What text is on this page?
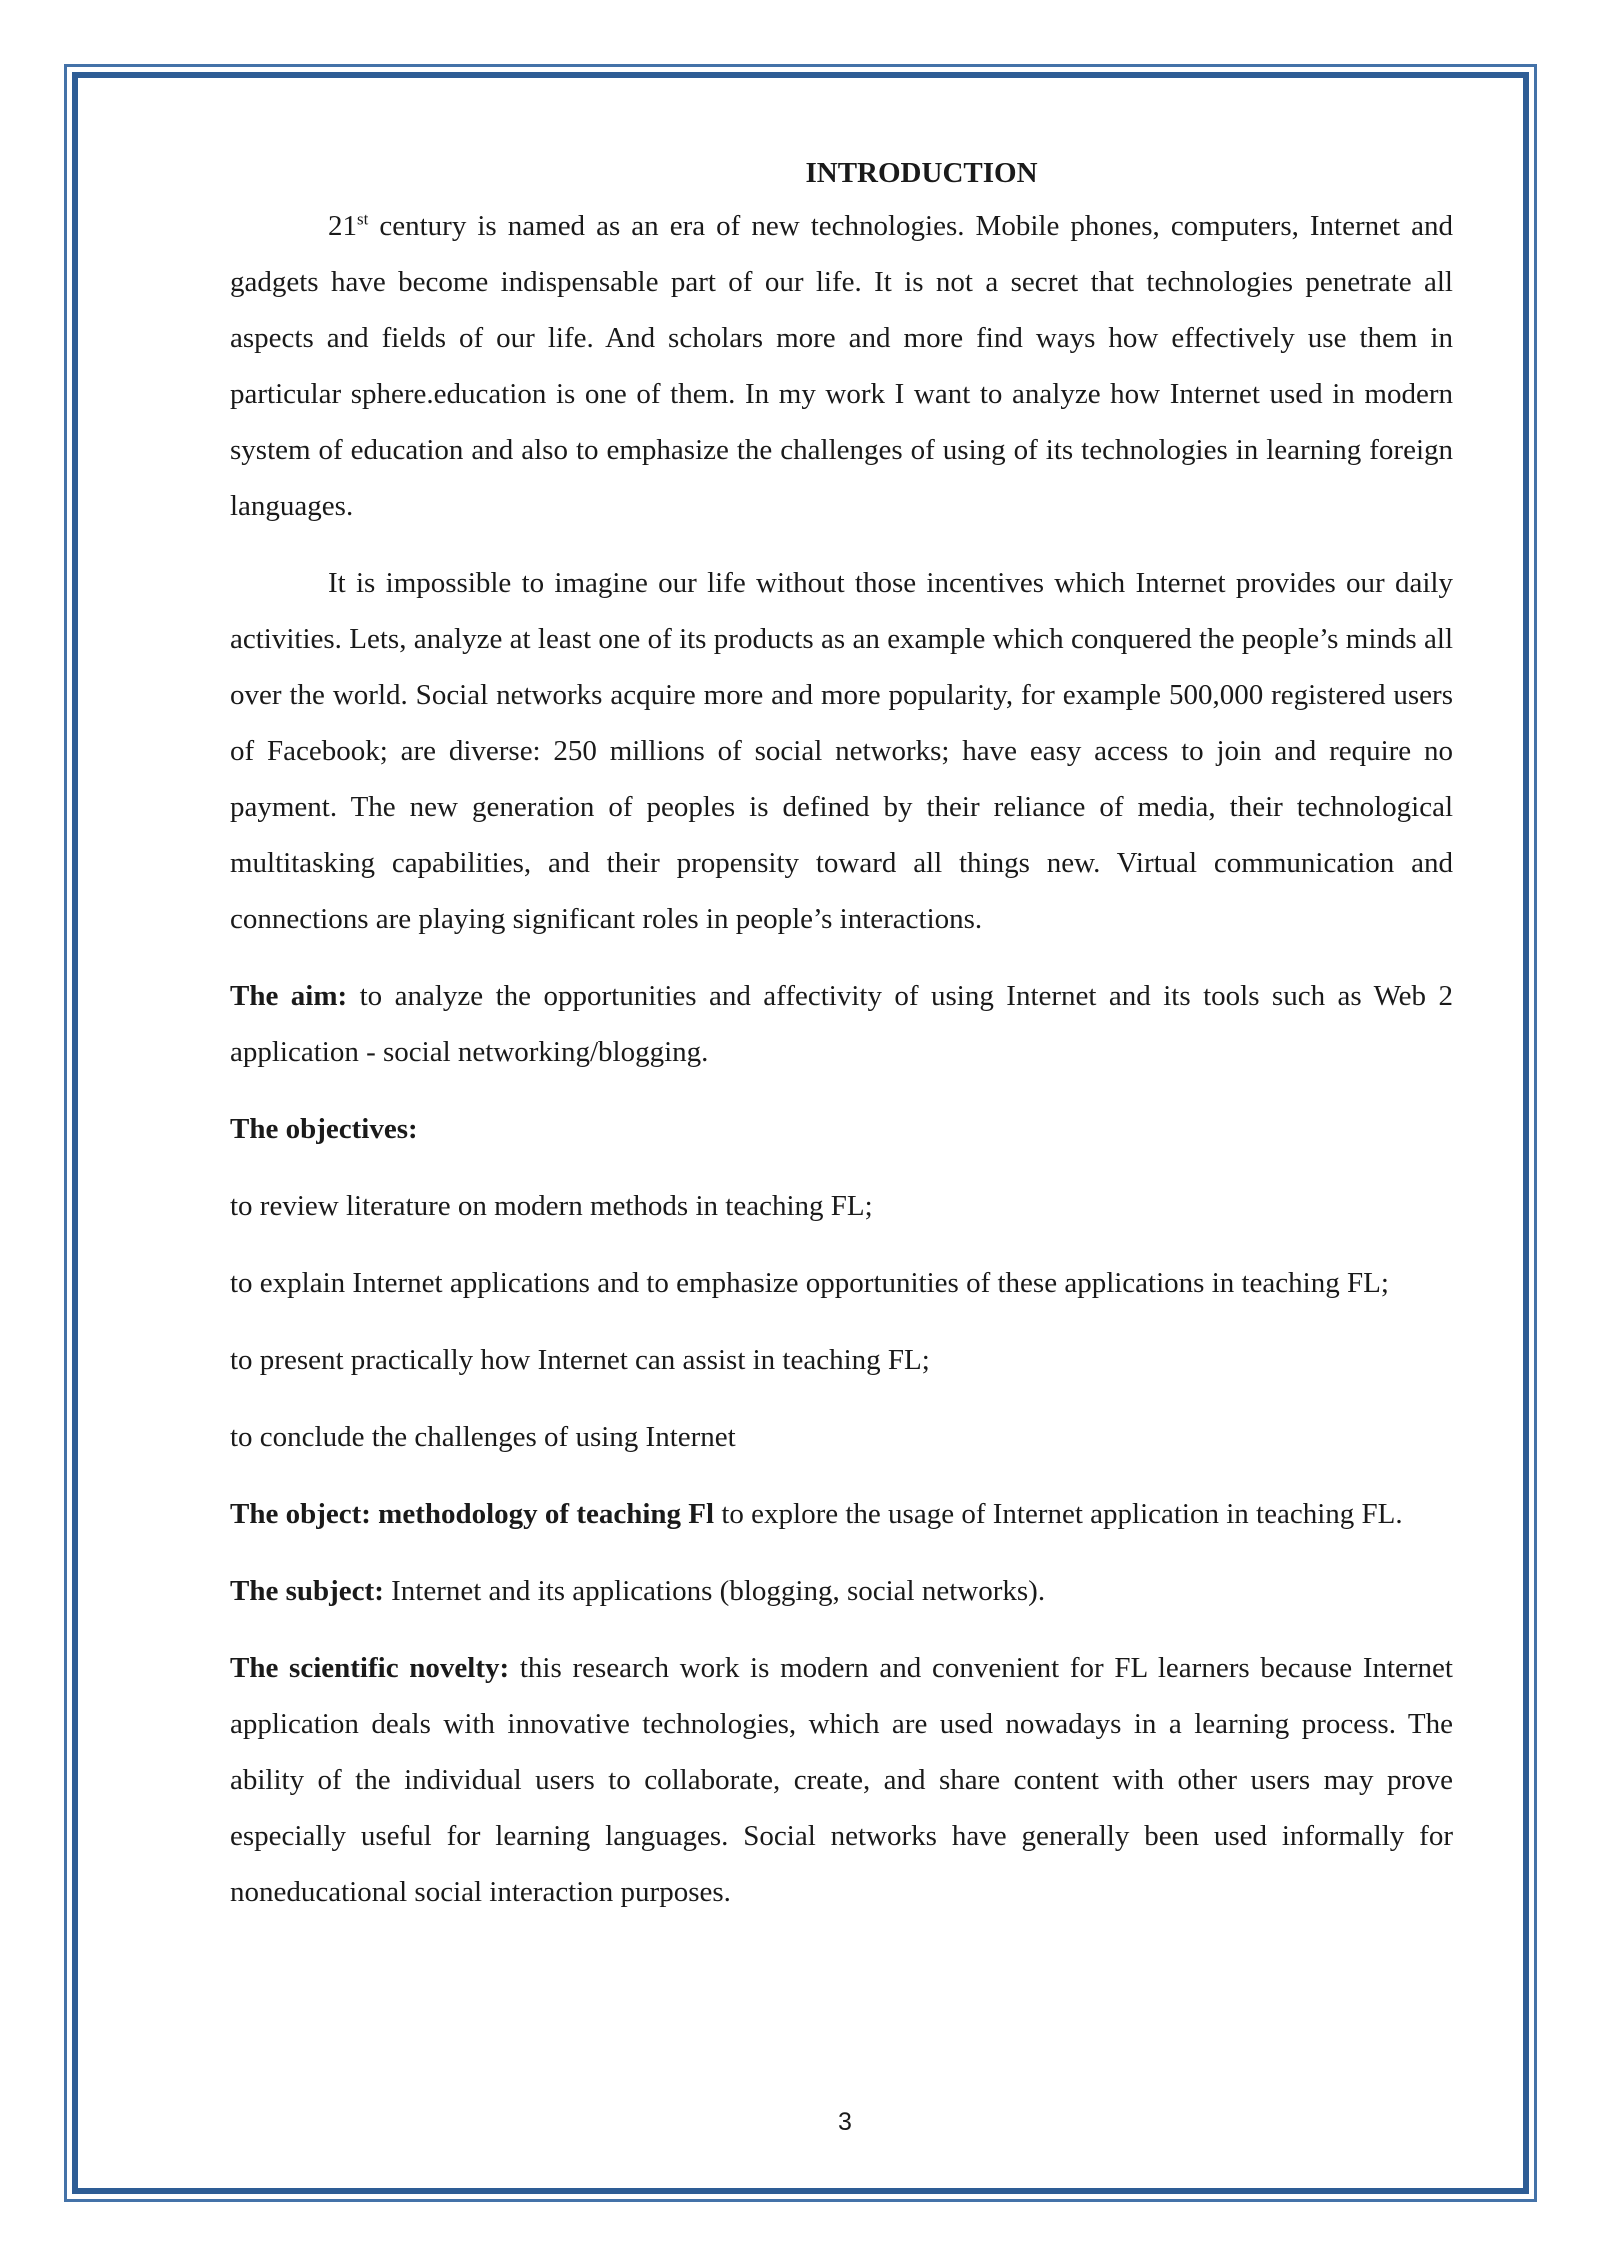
INTRODUCTION

21st century is named as an era of new technologies. Mobile phones, computers, Internet and gadgets have become indispensable part of our life. It is not a secret that technologies penetrate all aspects and fields of our life. And scholars more and more find ways how effectively use them in particular sphere.education is one of them. In my work I want to analyze how Internet used in modern system of education and also to emphasize the challenges of using of its technologies in learning foreign languages.

It is impossible to imagine our life without those incentives which Internet provides our daily activities. Lets, analyze at least one of its products as an example which conquered the people’s minds all over the world. Social networks acquire more and more popularity, for example 500,000 registered users of Facebook; are diverse: 250 millions of social networks; have easy access to join and require no payment. The new generation of peoples is defined by their reliance of media, their technological multitasking capabilities, and their propensity toward all things new. Virtual communication and connections are playing significant roles in people’s interactions.

The aim: to analyze the opportunities and affectivity of using Internet and its tools such as Web 2 application - social networking/blogging.

The objectives:

to review literature on modern methods in teaching FL;

to explain Internet applications and to emphasize opportunities of these applications in teaching FL;

to present practically how Internet can assist in teaching FL;

to conclude the challenges of using Internet

The object: methodology of teaching Fl to explore the usage of Internet application in teaching FL.

The subject: Internet and its applications (blogging, social networks).

The scientific novelty: this research work is modern and convenient for FL learners because Internet application deals with innovative technologies, which are used nowadays in a learning process. The ability of the individual users to collaborate, create, and share content with other users may prove especially useful for learning languages. Social networks have generally been used informally for noneducational social interaction purposes.

3
